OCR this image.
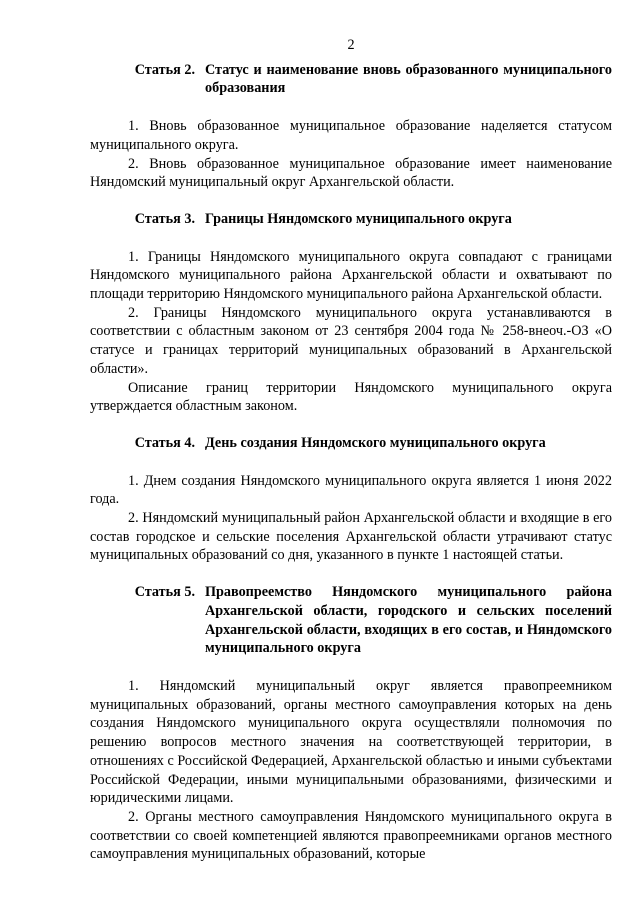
2
Статья 2. Статус и наименование вновь образованного муниципального образования

1. Вновь образованное муниципальное образование наделяется статусом муниципального округа.

2. Вновь образованное муниципальное образование имеет наименование Няндомский муниципальный округ Архангельской области.

Статья 3. Границы Няндомского муниципального округа

1. Границы Няндомского муниципального округа совпадают с границами Няндомского муниципального района Архангельской области и охватывают по площади территорию Няндомского муниципального района Архангельской области.

2. Границы Няндомского муниципального округа устанавливаются в соответствии с областным законом от 23 сентября 2004 года № 258-внеоч.-ОЗ «О статусе и границах территорий муниципальных образований в Архангельской области».

Описание границ территории Няндомского муниципального округа утверждается областным законом.

Статья 4. День создания Няндомского муниципального округа

1. Днем создания Няндомского муниципального округа является 1 июня 2022 года.

2. Няндомский муниципальный район Архангельской области и входящие в его состав городское и сельские поселения Архангельской области утрачивают статус муниципальных образований со дня, указанного в пункте 1 настоящей статьи.

Статья 5. Правопреемство Няндомского муниципального района Архангельской области, городского и сельских поселений Архангельской области, входящих в его состав, и Няндомского муниципального округа

1. Няндомский муниципальный округ является правопреемником муниципальных образований, органы местного самоуправления которых на день создания Няндомского муниципального округа осуществляли полномочия по решению вопросов местного значения на соответствующей территории, в отношениях с Российской Федерацией, Архангельской областью и иными субъектами Российской Федерации, иными муниципальными образованиями, физическими и юридическими лицами.

2. Органы местного самоуправления Няндомского муниципального округа в соответствии со своей компетенцией являются правопреемниками органов местного самоуправления муниципальных образований, которые
